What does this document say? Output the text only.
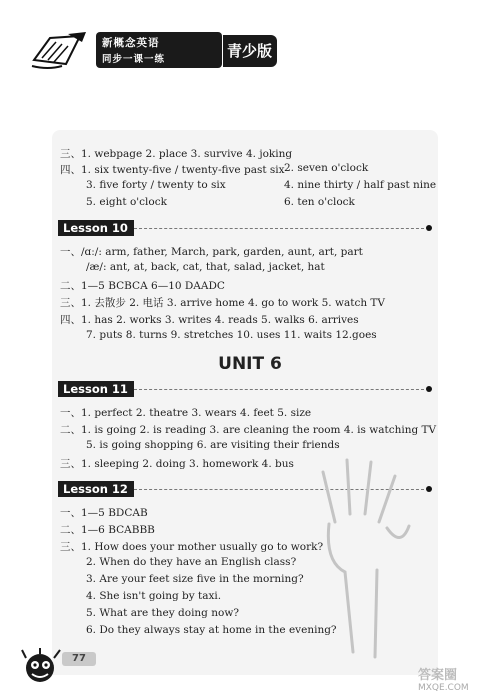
新概念英语
同步一课一练	青少版 2A
三、1. webpage 2. place 3. survive 4. joking
四、1. six twenty-five / twenty-five past six 2. seven o'clock
3. five forty / twenty to six	4. nine thirty / half past nine
5. eight o'clock	6. ten o'clock
Lesson 10
一、/ɑː/: arm, father, March, park, garden, aunt, art, part
/æ/: ant, at, back, cat, that, salad, jacket, hat
二、1—5 BCBCA 6—10 DAADC
三、1. 去散步 2. 电话 3. arrive home 4. go to work 5. watch TV
四、1. has 2. works 3. writes 4. reads 5. walks 6. arrives
7. puts 8. turns 9. stretches 10. uses 11. waits 12.goes
UNIT 6
Lesson 11
一、1. perfect 2. theatre 3. wears 4. feet 5. size
二、1. is going 2. is reading 3. are cleaning the room 4. is watching TV
5. is going shopping 6. are visiting their friends
三、1. sleeping 2. doing 3. homework 4. bus
Lesson 12
一、1—5 BDCAB
二、1—6 BCABBB
三、1. How does your mother usually go to work?
2. When do they have an English class?
3. Are your feet size five in the morning?
4. She isn't going by taxi.
5. What are they doing now?
6. Do they always stay at home in the evening?
77
答案圈
MXQE.COM
